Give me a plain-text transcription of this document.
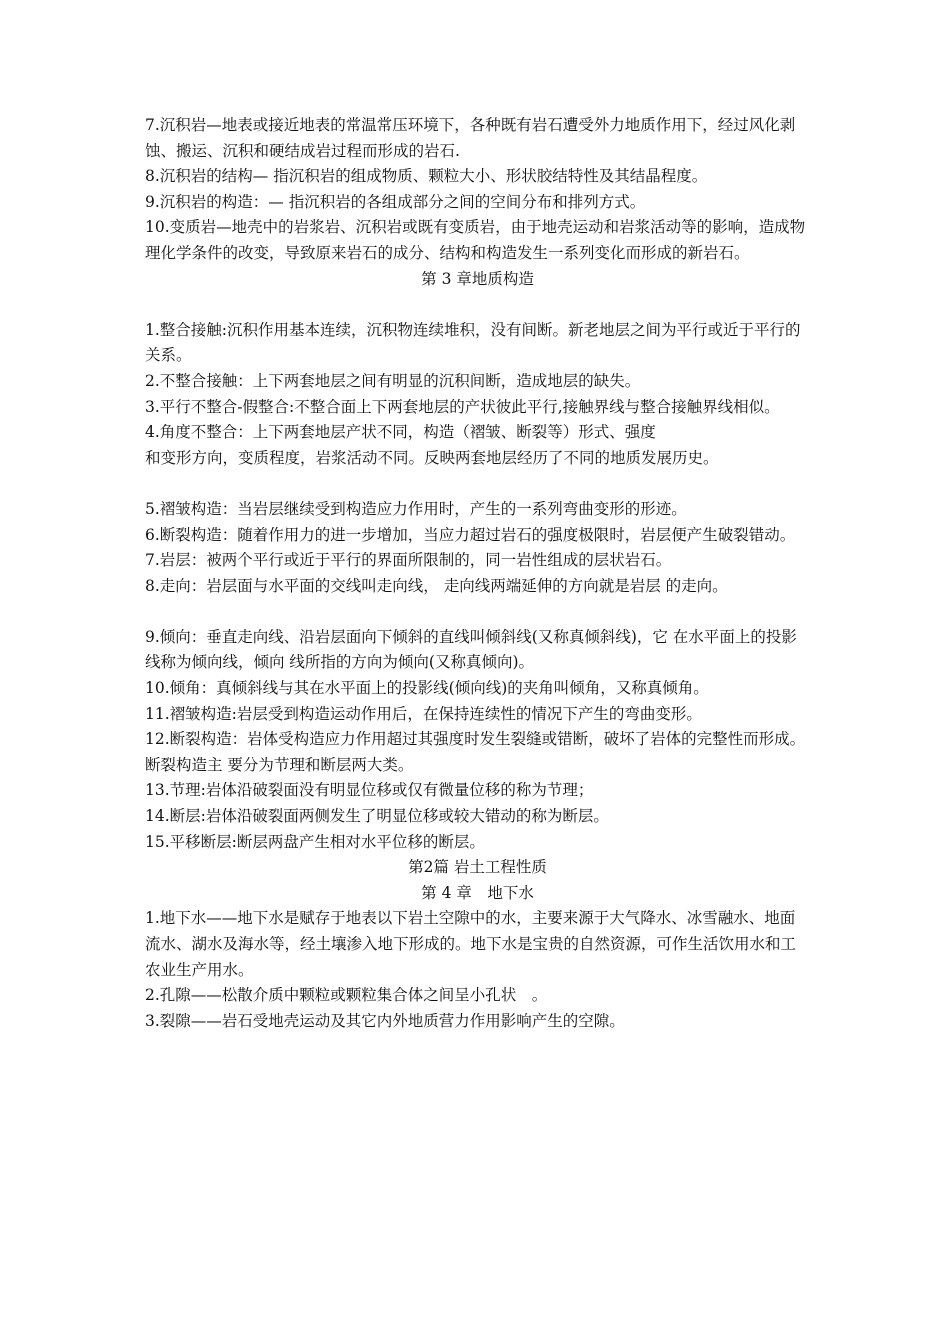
7.沉积岩—地表或接近地表的常温常压环境下，各种既有岩石遭受外力地质作用下，经过风化剥蚀、搬运、沉积和硬结成岩过程而形成的岩石.

8.沉积岩的结构— 指沉积岩的组成物质、颗粒大小、形状胶结特性及其结晶程度。

9.沉积岩的构造：— 指沉积岩的各组成部分之间的空间分布和排列方式。

10.变质岩—地壳中的岩浆岩、沉积岩或既有变质岩，由于地壳运动和岩浆活动等的影响，造成物理化学条件的改变，导致原来岩石的成分、结构和构造发生一系列变化而形成的新岩石。

第 3 章地质构造

1.整合接触:沉积作用基本连续，沉积物连续堆积，没有间断。新老地层之间为平行或近于平行的关系。

2.不整合接触：上下两套地层之间有明显的沉积间断，造成地层的缺失。

3.平行不整合-假整合:不整合面上下两套地层的产状彼此平行,接触界线与整合接触界线相似。

4.角度不整合：上下两套地层产状不同，构造（褶皱、断裂等）形式、强度

和变形方向，变质程度，岩浆活动不同。反映两套地层经历了不同的地质发展历史。

5.褶皱构造：当岩层继续受到构造应力作用时，产生的一系列弯曲变形的形迹。

6.断裂构造：随着作用力的进一步增加，当应力超过岩石的强度极限时，岩层便产生破裂错动。

7.岩层：被两个平行或近于平行的界面所限制的，同一岩性组成的层状岩石。

8.走向：岩层面与水平面的交线叫走向线， 走向线两端延伸的方向就是岩层 的走向。

9.倾向：垂直走向线、沿岩层面向下倾斜的直线叫倾斜线(又称真倾斜线)，它 在水平面上的投影线称为倾向线，倾向 线所指的方向为倾向(又称真倾向)。

10.倾角：真倾斜线与其在水平面上的投影线(倾向线)的夹角叫倾角，又称真倾角。

11.褶皱构造:岩层受到构造运动作用后，在保持连续性的情况下产生的弯曲变形。

12.断裂构造：岩体受构造应力作用超过其强度时发生裂缝或错断，破坏了岩体的完整性而形成。断裂构造主 要分为节理和断层两大类。

13.节理:岩体沿破裂面没有明显位移或仅有微量位移的称为节理；

14.断层:岩体沿破裂面两侧发生了明显位移或较大错动的称为断层。

15.平移断层:断层两盘产生相对水平位移的断层。

第2篇 岩土工程性质

第 4 章　地下水

1.地下水——地下水是赋存于地表以下岩土空隙中的水，主要来源于大气降水、冰雪融水、地面流水、湖水及海水等，经土壤渗入地下形成的。地下水是宝贵的自然资源，可作生活饮用水和工农业生产用水。

2.孔隙——松散介质中颗粒或颗粒集合体之间呈小孔状　。

3.裂隙——岩石受地壳运动及其它内外地质营力作用影响产生的空隙。
